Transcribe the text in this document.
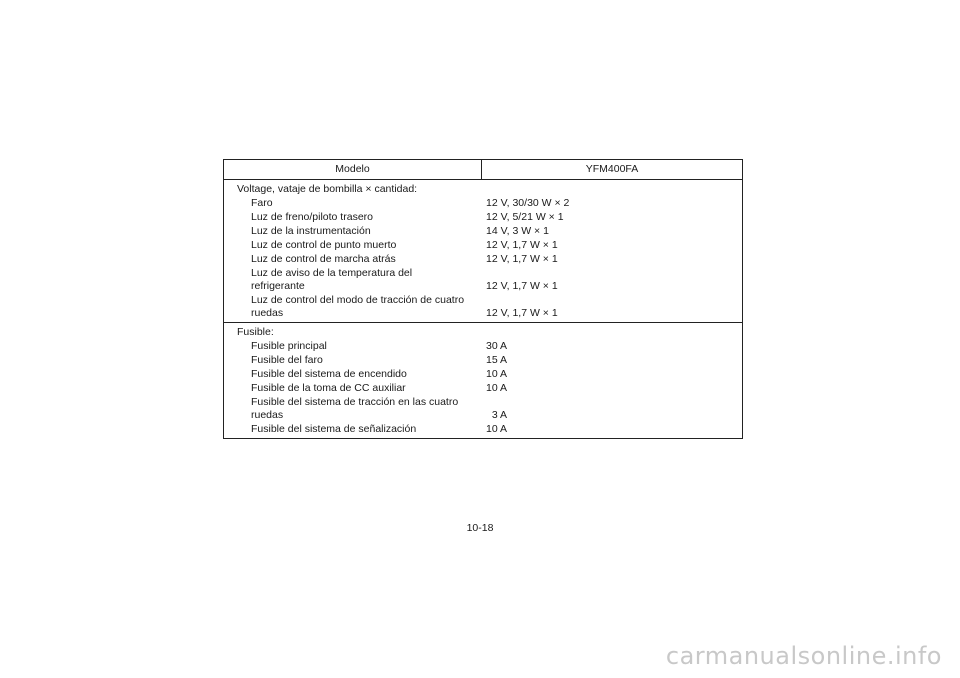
Modelo	YFM400FA
Voltage, vataje de bombilla × cantidad:
Faro	12 V, 30/30 W × 2
Luz de freno/piloto trasero	12 V, 5/21 W × 1
Luz de la instrumentación	14 V, 3 W × 1
Luz de control de punto muerto	12 V, 1,7 W × 1
Luz de control de marcha atrás	12 V, 1,7 W × 1
Luz de aviso de la temperatura del
refrigerante	12 V, 1,7 W × 1
Luz de control del modo de tracción de cuatro
ruedas	12 V, 1,7 W × 1
Fusible:
Fusible principal	30 A
Fusible del faro	15 A
Fusible del sistema de encendido	10 A
Fusible de la toma de CC auxiliar	10 A
Fusible del sistema de tracción en las cuatro
ruedas	3 A
Fusible del sistema de señalización	10 A
10-18
carmanualsonline.info
